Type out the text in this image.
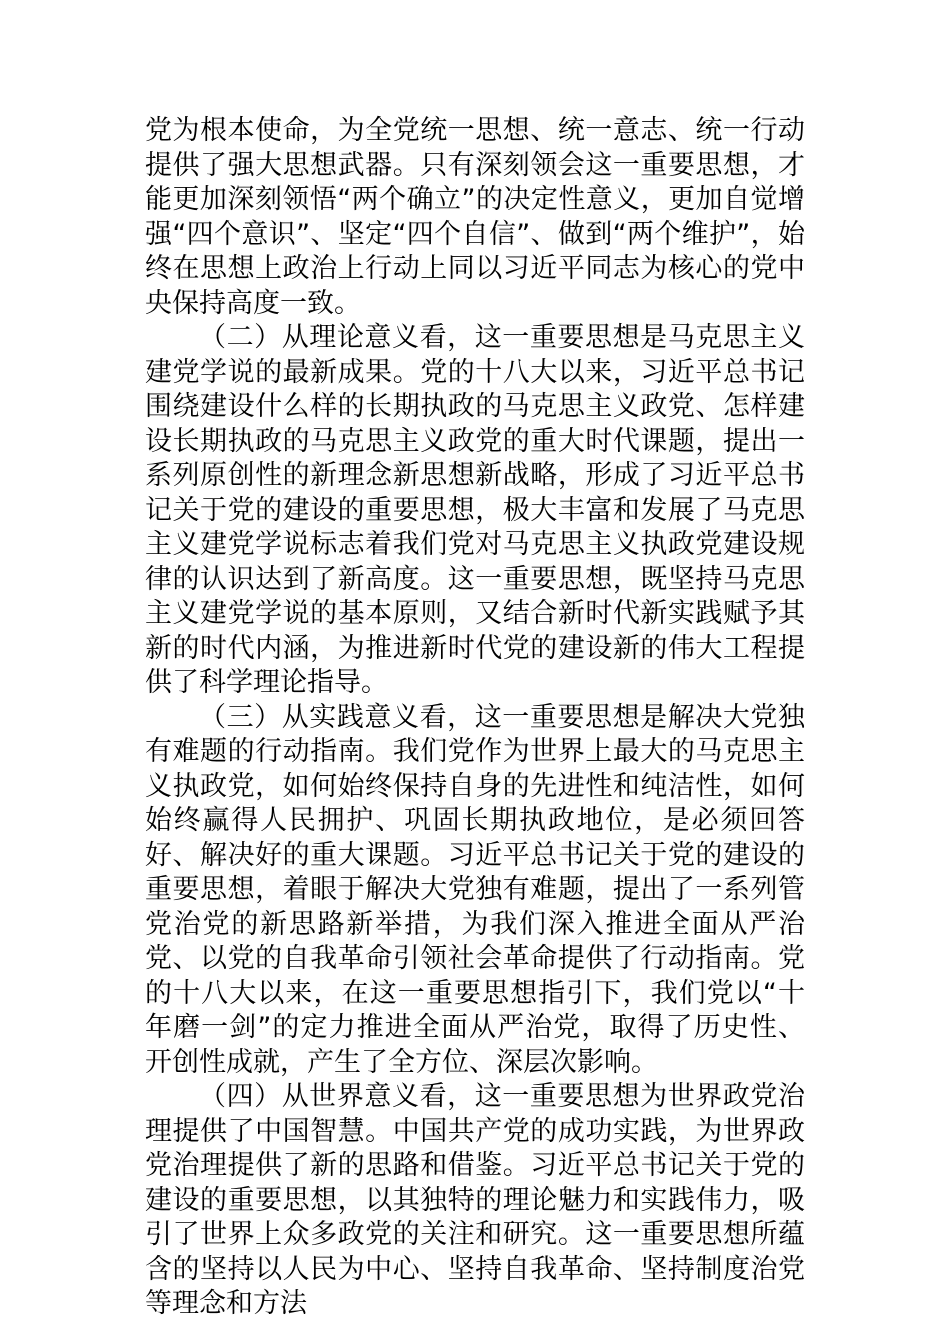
党为根本使命，为全党统一思想、统一意志、统一行动提供了强大思想武器。只有深刻领会这一重要思想，才能更加深刻领悟“两个确立”的决定性意义，更加自觉增强“四个意识”、坚定“四个自信”、做到“两个维护”，始终在思想上政治上行动上同以习近平同志为核心的党中央保持高度一致。

（二）从理论意义看，这一重要思想是马克思主义建党学说的最新成果。党的十八大以来，习近平总书记围绕建设什么样的长期执政的马克思主义政党、怎样建设长期执政的马克思主义政党的重大时代课题，提出一系列原创性的新理念新思想新战略，形成了习近平总书记关于党的建设的重要思想，极大丰富和发展了马克思主义建党学说标志着我们党对马克思主义执政党建设规律的认识达到了新高度。这一重要思想，既坚持马克思主义建党学说的基本原则，又结合新时代新实践赋予其新的时代内涵，为推进新时代党的建设新的伟大工程提供了科学理论指导。

（三）从实践意义看，这一重要思想是解决大党独有难题的行动指南。我们党作为世界上最大的马克思主义执政党，如何始终保持自身的先进性和纯洁性，如何始终赢得人民拥护、巩固长期执政地位，是必须回答好、解决好的重大课题。习近平总书记关于党的建设的重要思想，着眼于解决大党独有难题，提出了一系列管党治党的新思路新举措，为我们深入推进全面从严治党、以党的自我革命引领社会革命提供了行动指南。党的十八大以来，在这一重要思想指引下，我们党以“十年磨一剑”的定力推进全面从严治党，取得了历史性、开创性成就，产生了全方位、深层次影响。

（四）从世界意义看，这一重要思想为世界政党治理提供了中国智慧。中国共产党的成功实践，为世界政党治理提供了新的思路和借鉴。习近平总书记关于党的建设的重要思想，以其独特的理论魅力和实践伟力，吸引了世界上众多政党的关注和研究。这一重要思想所蕴含的坚持以人民为中心、坚持自我革命、坚持制度治党等理念和方法
